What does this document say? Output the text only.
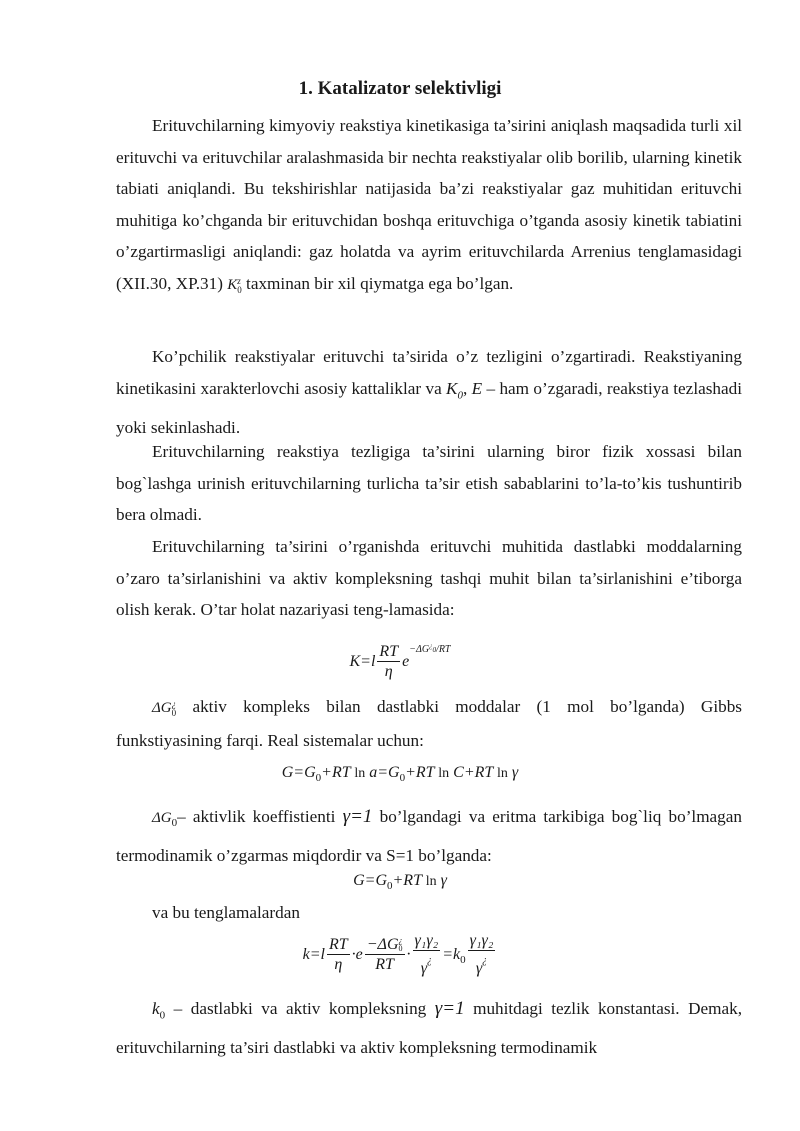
1. Katalizator selektivligi

Erituvchilarning kimyoviy reakstiya kinetikasiga ta’sirini aniqlash maqsadida turli xil erituvchi va erituvchilar aralashmasida bir nechta reakstiyalar olib borilib, ularning kinetik tabiati aniqlandi. Bu tekshirishlar natijasida ba’zi reakstiyalar gaz muhitidan erituvchi muhitiga ko’chganda bir erituvchidan boshqa erituvchiga o’tganda asosiy kinetik tabiatini o’zgartirmasligi aniqlandi: gaz holatda va ayrim erituvchilarda Arrenius tenglamasidagi (XII.30, XP.31) K z
0 taxminan bir xil qiymatga ega bo’lgan.

Ko’pchilik reakstiyalar erituvchi ta’sirida o’z tezligini o’zgartiradi. Reakstiyaning kinetikasini xarakterlovchi asosiy kattaliklar va $K_0$, E – ham o’zgaradi, reakstiya tezlashadi yoki sekinlashadi.

Erituvchilarning reakstiya tezligiga ta’sirini ularning biror fizik xossasi bilan bog`lashga urinish erituvchilarning turlicha ta’sir etish sabablarini to’la-to’kis tushuntirib bera olmadi.

Erituvchilarning ta’sirini o’rganishda erituvchi muhitida dastlabki moddalarning o’zaro ta’sirlanishini va aktiv kompleksning tashqi muhit bilan ta’sirlanishini e’tiborga olish kerak. O’tar holat nazariyasi teng-lamasida:

$K=l \frac{RT}{\eta} e^{-\Delta G^¿0/RT}$

ΔG ¿
0 aktiv kompleks bilan dastlabki moddalar (1 mol bo’lganda) Gibbs funkstiyasining farqi. Real sistemalar uchun:

$G=G_0+RT$ $\ln a=G_0+RT$ ln C+RT ln γ

$\Delta G_0-$ aktivlik koeffistienti γ=1 bo’lgandagi va eritma tarkibiga bog`liq bo’lmagan termodinamik o’zgarmas miqdordir va S=1 bo’lganda:

$G=G_0+RT$ ln γ

va bu tenglamalardan

$k=l \frac{RT}{\eta} \cdot e -\Delta G$ ¿
0
RT · $\frac{\text{γ₁γ₂}}{\gamma^¿} =k_0 \frac{\text{γ₁γ₂}}{\gamma^¿}$

$k_0$ – dastlabki va aktiv kompleksning γ=1 muhitdagi tezlik konstantasi. Demak, erituvchilarning ta’siri dastlabki va aktiv kompleksning termodinamik
